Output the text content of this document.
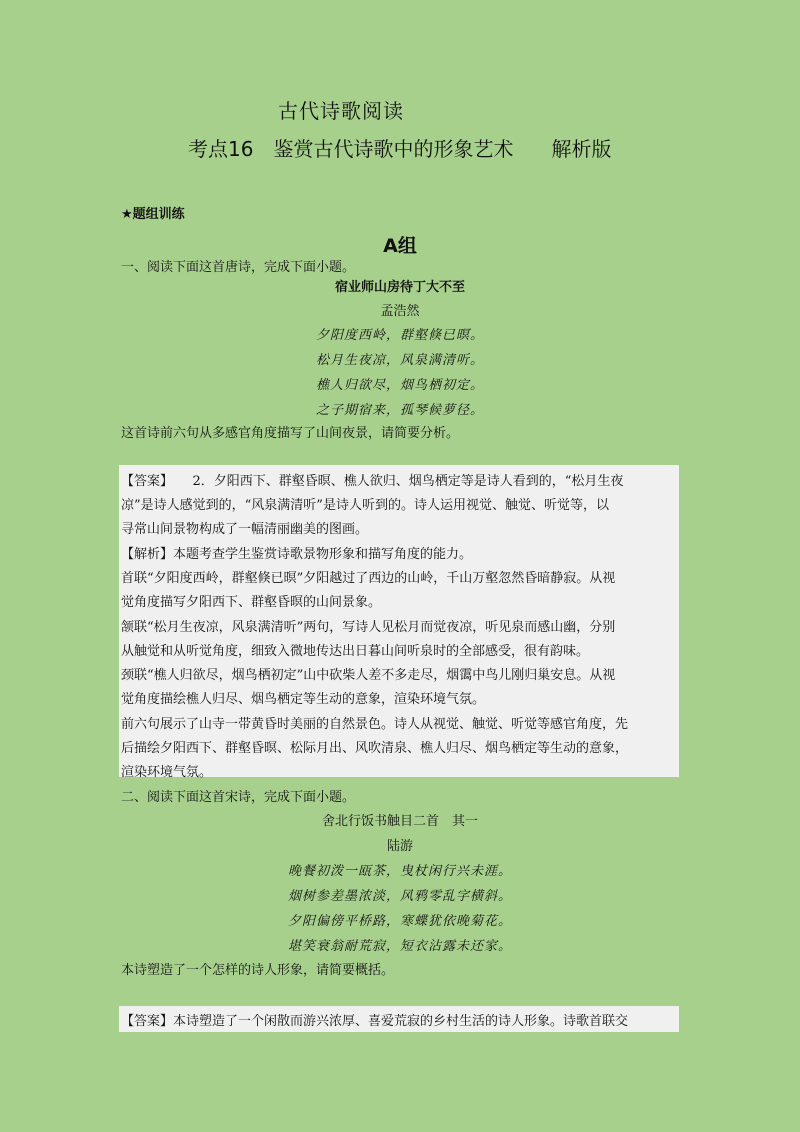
古代诗歌阅读
考点16　鉴赏古代诗歌中的形象艺术 解析版
★题组训练
A组
一、阅读下面这首唐诗，完成下面小题。
宿业师山房待丁大不至
孟浩然
夕阳度西岭，群壑倏已暝。
松月生夜凉，风泉满清听。
樵人归欲尽，烟鸟栖初定。
之子期宿来，孤琴候萝径。
这首诗前六句从多感官角度描写了山间夜景，请简要分析。
【答案】　　2．夕阳西下、群壑昏暝、樵人欲归、烟鸟栖定等是诗人看到的，“松月生夜
凉”是诗人感觉到的，“风泉满清听”是诗人听到的。诗人运用视觉、触觉、听觉等，以
寻常山间景物构成了一幅清丽幽美的图画。
【解析】本题考查学生鉴赏诗歌景物形象和描写角度的能力。
首联“夕阳度西岭，群壑倏已暝”夕阳越过了西边的山岭，千山万壑忽然昏暗静寂。从视
觉角度描写夕阳西下、群壑昏暝的山间景象。
颔联“松月生夜凉，风泉满清听”两句，写诗人见松月而觉夜凉，听见泉而感山幽，分别
从触觉和从听觉角度，细致入微地传达出日暮山间听泉时的全部感受，很有韵味。
颈联“樵人归欲尽，烟鸟栖初定”山中砍柴人差不多走尽，烟霭中鸟儿刚归巢安息。从视
觉角度描绘樵人归尽、烟鸟栖定等生动的意象，渲染环境气氛。
前六句展示了山寺一带黄昏时美丽的自然景色。诗人从视觉、触觉、听觉等感官角度，先
后描绘夕阳西下、群壑昏暝、松际月出、风吹清泉、樵人归尽、烟鸟栖定等生动的意象，
渲染环境气氛。
二、阅读下面这首宋诗，完成下面小题。
舍北行饭书触目二首　其一
陆游
晚餐初泼一瓯茶，曳杖闲行兴未涯。
烟树参差墨浓淡，风鸦零乱字横斜。
夕阳偏傍平桥路，寒蝶犹依晚菊花。
堪笑衰翁耐荒寂，短衣沾露未还家。
本诗塑造了一个怎样的诗人形象，请简要概括。
【答案】本诗塑造了一个闲散而游兴浓厚、喜爱荒寂的乡村生活的诗人形象。诗歌首联交
